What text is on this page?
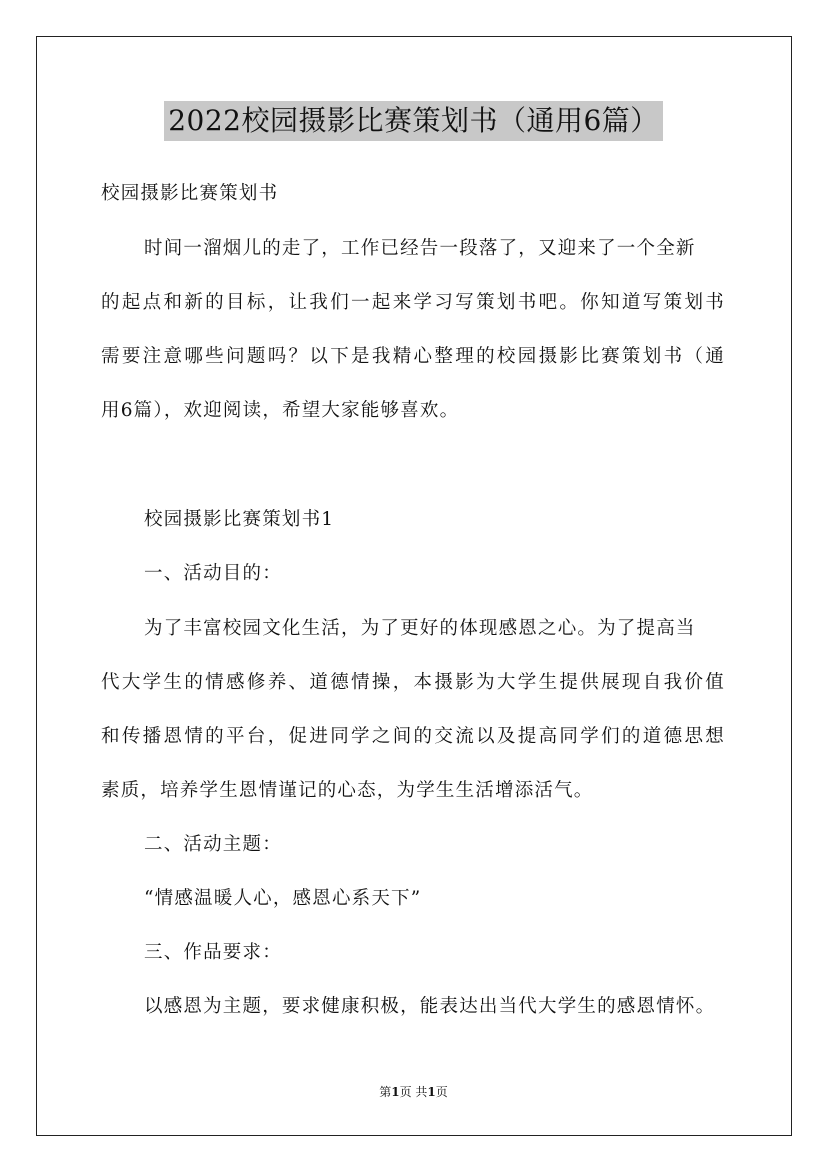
2022校园摄影比赛策划书（通用6篇）
校园摄影比赛策划书
时间一溜烟儿的走了，工作已经告一段落了，又迎来了一个全新
的起点和新的目标，让我们一起来学习写策划书吧。你知道写策划书
需要注意哪些问题吗？以下是我精心整理的校园摄影比赛策划书（通
用6篇），欢迎阅读，希望大家能够喜欢。
校园摄影比赛策划书1
一、活动目的：
为了丰富校园文化生活，为了更好的体现感恩之心。为了提高当
代大学生的情感修养、道德情操，本摄影为大学生提供展现自我价值
和传播恩情的平台，促进同学之间的交流以及提高同学们的道德思想
素质，培养学生恩情谨记的心态，为学生生活增添活气。
二、活动主题：
“情感温暖人心，感恩心系天下”
三、作品要求：
以感恩为主题，要求健康积极，能表达出当代大学生的感恩情怀。
第1页 共1页
